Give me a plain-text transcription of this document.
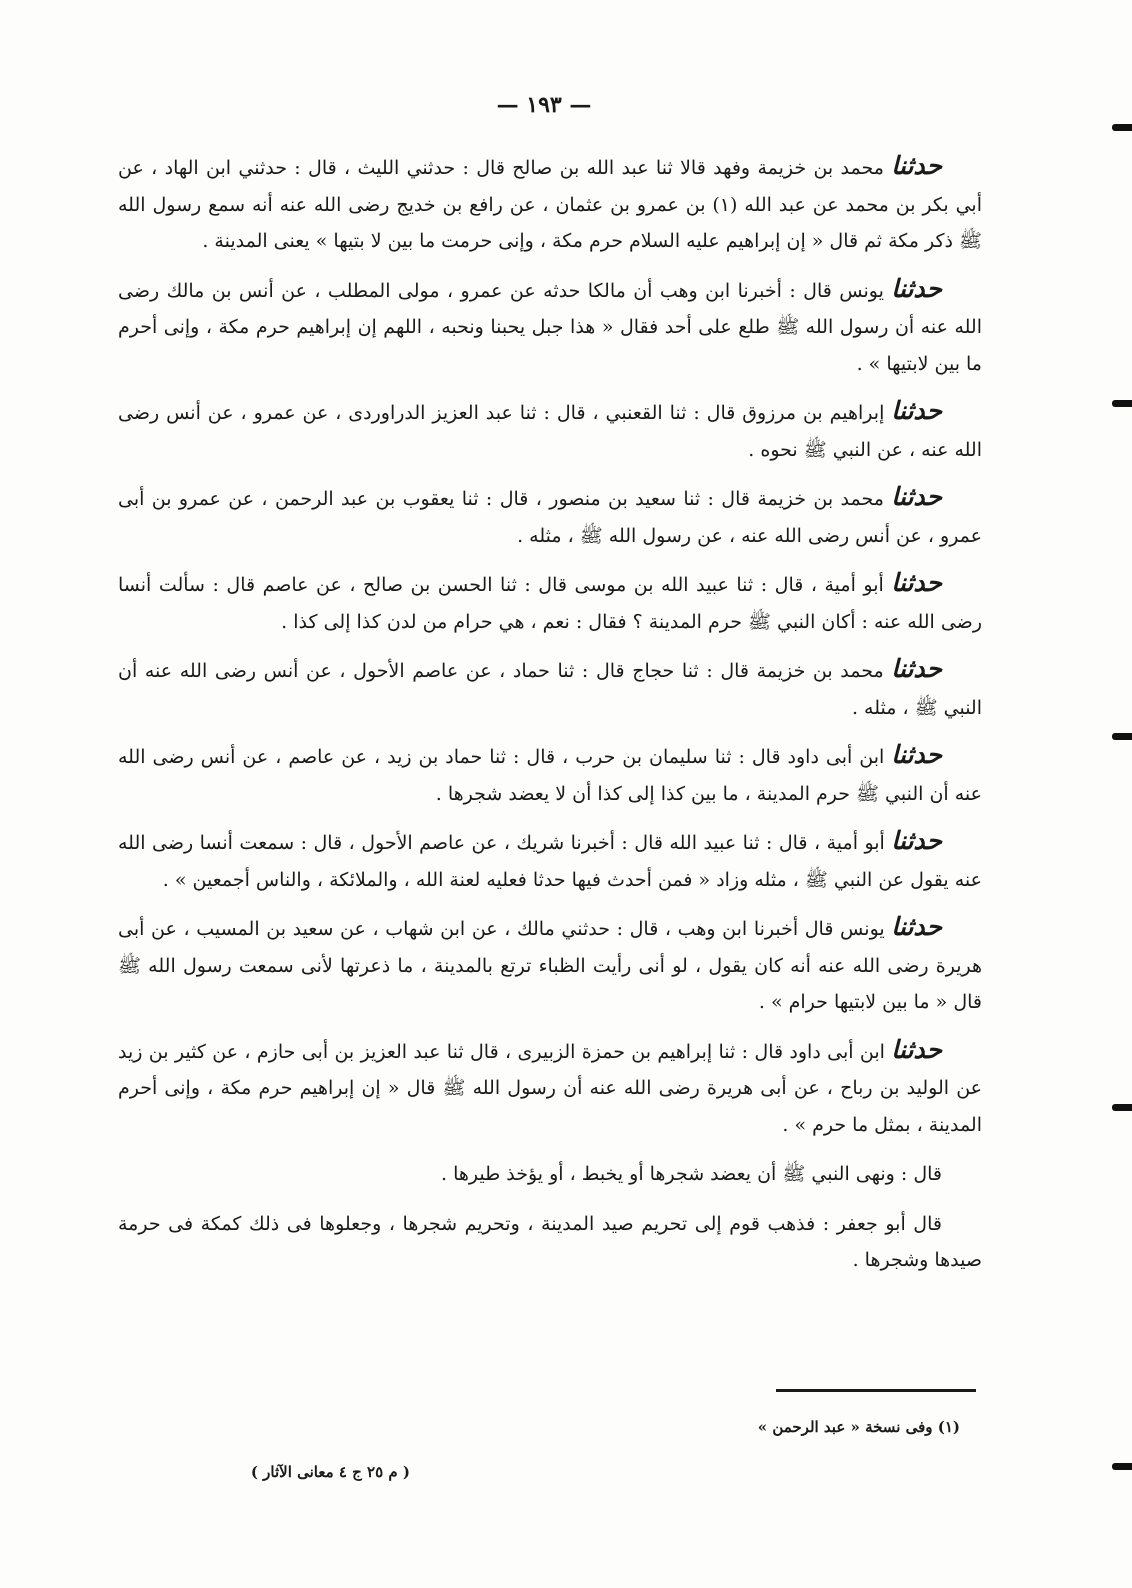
— ١٩٣ —

حدثنا محمد بن خزيمة وفهد قالا ثنا عبد الله بن صالح قال : حدثني الليث ، قال : حدثني ابن الهاد ، عن أبي بكر بن محمد عن عبد الله (١) بن عمرو بن عثمان ، عن رافع بن خديج رضى الله عنه أنه سمع رسول الله ﷺ ذكر مكة ثم قال « إن إبراهيم عليه السلام حرم مكة ، وإنى حرمت ما بين لا بتيها » يعنى المدينة .

حدثنا يونس قال : أخبرنا ابن وهب أن مالكا حدثه عن عمرو ، مولى المطلب ، عن أنس بن مالك رضى الله عنه أن رسول الله ﷺ طلع على أحد فقال « هذا جبل يحبنا ونحبه ، اللهم إن إبراهيم حرم مكة ، وإنى أحرم ما بين لابتيها » .

حدثنا إبراهيم بن مرزوق قال : ثنا القعنبي ، قال : ثنا عبد العزيز الدراوردى ، عن عمرو ، عن أنس رضى الله عنه ، عن النبي ﷺ نحوه .

حدثنا محمد بن خزيمة قال : ثنا سعيد بن منصور ، قال : ثنا يعقوب بن عبد الرحمن ، عن عمرو بن أبى عمرو ، عن أنس رضى الله عنه ، عن رسول الله ﷺ ، مثله .

حدثنا أبو أمية ، قال : ثنا عبيد الله بن موسى قال : ثنا الحسن بن صالح ، عن عاصم قال : سألت أنسا رضى الله عنه : أكان النبي ﷺ حرم المدينة ؟ فقال : نعم ، هي حرام من لدن كذا إلى كذا .

حدثنا محمد بن خزيمة قال : ثنا حجاج قال : ثنا حماد ، عن عاصم الأحول ، عن أنس رضى الله عنه أن النبي ﷺ ، مثله .

حدثنا ابن أبى داود قال : ثنا سليمان بن حرب ، قال : ثنا حماد بن زيد ، عن عاصم ، عن أنس رضى الله عنه أن النبي ﷺ حرم المدينة ، ما بين كذا إلى كذا أن لا يعضد شجرها .

حدثنا أبو أمية ، قال : ثنا عبيد الله قال : أخبرنا شريك ، عن عاصم الأحول ، قال : سمعت أنسا رضى الله عنه يقول عن النبي ﷺ ، مثله وزاد « فمن أحدث فيها حدثا فعليه لعنة الله ، والملائكة ، والناس أجمعين » .

حدثنا يونس قال أخبرنا ابن وهب ، قال : حدثني مالك ، عن ابن شهاب ، عن سعيد بن المسيب ، عن أبى هريرة رضى الله عنه أنه كان يقول ، لو أنى رأيت الظباء ترتع بالمدينة ، ما ذعرتها لأنى سمعت رسول الله ﷺ قال « ما بين لابتيها حرام » .

حدثنا ابن أبى داود قال : ثنا إبراهيم بن حمزة الزبيرى ، قال ثنا عبد العزيز بن أبى حازم ، عن كثير بن زيد عن الوليد بن رباح ، عن أبى هريرة رضى الله عنه أن رسول الله ﷺ قال « إن إبراهيم حرم مكة ، وإنى أحرم المدينة ، بمثل ما حرم » .

قال : ونهى النبي ﷺ أن يعضد شجرها أو يخبط ، أو يؤخذ طيرها .

قال أبو جعفر : فذهب قوم إلى تحريم صيد المدينة ، وتحريم شجرها ، وجعلوها فى ذلك كمكة فى حرمة صيدها وشجرها .

(١) وفى نسخة « عبد الرحمن »
( م ٢٥ ج ٤ معانى الآثار )
